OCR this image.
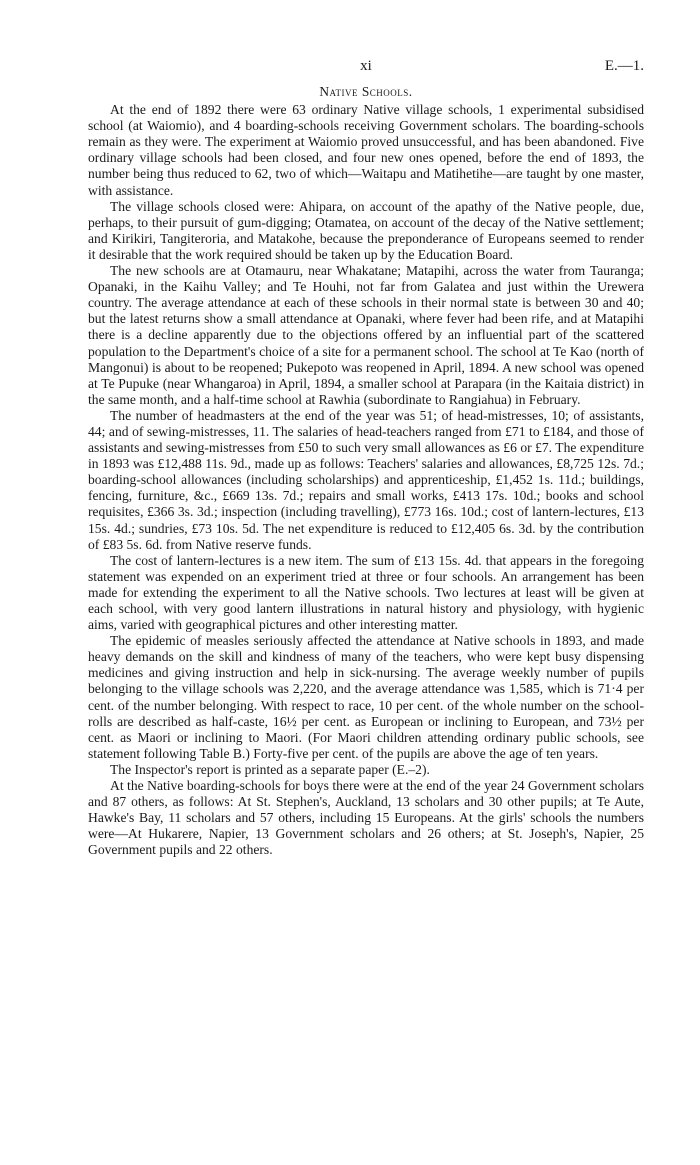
xi	E.—1.
Native Schools.

At the end of 1892 there were 63 ordinary Native village schools, 1 experimental subsidised school (at Waiomio), and 4 boarding-schools receiving Government scholars. The boarding-schools remain as they were. The experiment at Waiomio proved unsuccessful, and has been abandoned. Five ordinary village schools had been closed, and four new ones opened, before the end of 1893, the number being thus reduced to 62, two of which—Waitapu and Matihetihe—are taught by one master, with assistance.

The village schools closed were: Ahipara, on account of the apathy of the Native people, due, perhaps, to their pursuit of gum-digging; Otamatea, on account of the decay of the Native settlement; and Kirikiri, Tangiteroria, and Matakohe, because the preponderance of Europeans seemed to render it desirable that the work required should be taken up by the Education Board.

The new schools are at Otamauru, near Whakatane; Matapihi, across the water from Tauranga; Opanaki, in the Kaihu Valley; and Te Houhi, not far from Galatea and just within the Urewera country. The average attendance at each of these schools in their normal state is between 30 and 40; but the latest returns show a small attendance at Opanaki, where fever had been rife, and at Matapihi there is a decline apparently due to the objections offered by an influential part of the scattered population to the Department's choice of a site for a permanent school. The school at Te Kao (north of Mangonui) is about to be reopened; Pukepoto was reopened in April, 1894. A new school was opened at Te Pupuke (near Whangaroa) in April, 1894, a smaller school at Parapara (in the Kaitaia district) in the same month, and a half-time school at Rawhia (subordinate to Rangiahua) in February.

The number of headmasters at the end of the year was 51; of head-mistresses, 10; of assistants, 44; and of sewing-mistresses, 11. The salaries of head-teachers ranged from £71 to £184, and those of assistants and sewing-mistresses from £50 to such very small allowances as £6 or £7. The expenditure in 1893 was £12,488 11s. 9d., made up as follows: Teachers' salaries and allowances, £8,725 12s. 7d.; boarding-school allowances (including scholarships) and apprenticeship, £1,452 1s. 11d.; buildings, fencing, furniture, &c., £669 13s. 7d.; repairs and small works, £413 17s. 10d.; books and school requisites, £366 3s. 3d.; inspection (including travelling), £773 16s. 10d.; cost of lantern-lectures, £13 15s. 4d.; sundries, £73 10s. 5d. The net expenditure is reduced to £12,405 6s. 3d. by the contribution of £83 5s. 6d. from Native reserve funds.

The cost of lantern-lectures is a new item. The sum of £13 15s. 4d. that appears in the foregoing statement was expended on an experiment tried at three or four schools. An arrangement has been made for extending the experiment to all the Native schools. Two lectures at least will be given at each school, with very good lantern illustrations in natural history and physiology, with hygienic aims, varied with geographical pictures and other interesting matter.

The epidemic of measles seriously affected the attendance at Native schools in 1893, and made heavy demands on the skill and kindness of many of the teachers, who were kept busy dispensing medicines and giving instruction and help in sick-nursing. The average weekly number of pupils belonging to the village schools was 2,220, and the average attendance was 1,585, which is 71·4 per cent. of the number belonging. With respect to race, 10 per cent. of the whole number on the school-rolls are described as half-caste, 16½ per cent. as European or inclining to European, and 73½ per cent. as Maori or inclining to Maori. (For Maori children attending ordinary public schools, see statement following Table B.) Forty-five per cent. of the pupils are above the age of ten years.

The Inspector's report is printed as a separate paper (E.–2).

At the Native boarding-schools for boys there were at the end of the year 24 Government scholars and 87 others, as follows: At St. Stephen's, Auckland, 13 scholars and 30 other pupils; at Te Aute, Hawke's Bay, 11 scholars and 57 others, including 15 Europeans. At the girls' schools the numbers were—At Hukarere, Napier, 13 Government scholars and 26 others; at St. Joseph's, Napier, 25 Government pupils and 22 others.
